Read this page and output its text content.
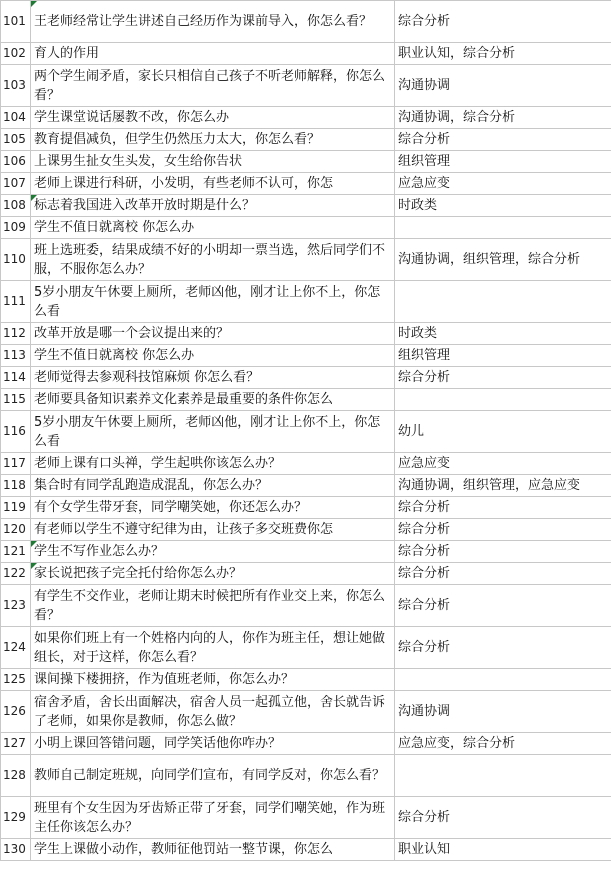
101	王老师经常让学生讲述自己经历作为课前导入，你怎么看？	综合分析
102	育人的作用	职业认知，综合分析
103	两个学生闹矛盾，家长只相信自己孩子不听老师解释，你怎么看？	沟通协调
104	学生课堂说话屡教不改，你怎么办	沟通协调，综合分析
105	教育提倡减负，但学生仍然压力太大，你怎么看？	综合分析
106	上课男生扯女生头发，女生给你告状	组织管理
107	老师上课进行科研，小发明，有些老师不认可，你怎	应急应变
108	标志着我国进入改革开放时期是什么？	时政类
109	学生不值日就离校 你怎么办	
110	班上选班委，结果成绩不好的小明却一票当选，然后同学们不服，不服你怎么办？	沟通协调，组织管理，综合分析
111	5岁小朋友午休要上厕所，老师凶他，刚才让上你不上，你怎么看	
112	改革开放是哪一个会议提出来的？	时政类
113	学生不值日就离校 你怎么办	组织管理
114	老师觉得去参观科技馆麻烦 你怎么看？	综合分析
115	老师要具备知识素养文化素养是最重要的条件你怎么	
116	5岁小朋友午休要上厕所，老师凶他，刚才让上你不上，你怎么看	幼儿
117	老师上课有口头禅，学生起哄你该怎么办？	应急应变
118	集合时有同学乱跑造成混乱，你怎么办？	沟通协调，组织管理，应急应变
119	有个女学生带牙套，同学嘲笑她，你还怎么办？	综合分析
120	有老师以学生不遵守纪律为由，让孩子多交班费你怎	综合分析
121	学生不写作业怎么办？	综合分析
122	家长说把孩子完全托付给你怎么办？	综合分析
123	有学生不交作业，老师让期末时候把所有作业交上来，你怎么看？	综合分析
124	如果你们班上有一个姓格内向的人，你作为班主任，想让她做组长，对于这样，你怎么看？	综合分析
125	课间操下楼拥挤，作为值班老师，你怎么办？	
126	宿舍矛盾，舍长出面解决，宿舍人员一起孤立他，舍长就告诉了老师，如果你是教师，你怎么做？	沟通协调
127	小明上课回答错问题，同学笑话他你咋办？	应急应变，综合分析
128	教师自己制定班规，向同学们宣布，有同学反对，你怎么看？	
129	班里有个女生因为牙齿矫正带了牙套，同学们嘲笑她，作为班主任你该怎么办？	综合分析
130	学生上课做小动作，教师征他罚站一整节课，你怎么	职业认知
